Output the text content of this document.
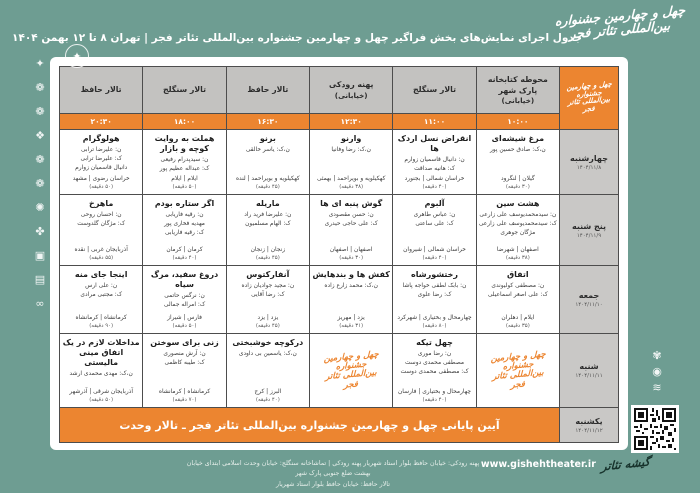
چهل و چهارمین جشنواره بین‌المللی تئاتر فجر
جدول اجرای نمایش‌های بخش فراگیر چهل و چهارمین جشنواره بین‌المللی تئاتر فجر | تهران ۸ تا ۱۲ بهمن ۱۴۰۴
✦
❁
❁
❖
❁
❁
✺
✤
▣
▤
∞
✦
چهل و چهارمین جشنواره بین‌المللی تئاتر فجر
محوطه کتابخانه پارک شهر
(خیابانی)
۱۰:۰۰
تالار سنگلج
۱۱:۰۰
پهنه رودکی
(خیابانی)
۱۲:۳۰
تالار حافظ
۱۶:۳۰
تالار سنگلج
۱۸:۰۰
تالار حافظ
۲۰:۳۰
چهارشنبه
۱۴۰۴/۱۱/۸
مرغ شیشه‌ای
ن،ک: صادق حسین پور
گیلان | لنگرود
(۳۰ دقیقه)
انقراض نسل اردک ها
ن: دانیال قاسمیان زوارم
ک: هانیه صداقت
خراسان شمالی | بجنورد
(۴۰ دقیقه)
وارنو
ن،ک: رضا وفانیا
کهکیلویه و بویراحمد | بهمئی
(۳۸ دقیقه)
برنو
ن،ک: یاسر خالقی
کهکیلویه و بویراحمد | لنده
(۴۵ دقیقه)
هملت به روایت کوچه و بازار
ن: سیدپدرام رفیعی
ک: عبداله عظیم پور
ایلام | ایلام
(۵۰ دقیقه)
هولوگرام
ن: علیرضا ترابی
ک: علیرضا ترابی
دانیال قاسمیان زوارم
خراسان رضوی | مشهد
(۵۰ دقیقه)
پنج شنبه
۱۴۰۴/۱۱/۹
هشت سین
ن: سیدمحمدیوسف علی زارعی
ک: سیدمحمدیوسف علی زارعی
مژگان جوهری
اصفهان | شهرضا
(۳۸ دقیقه)
آلبوم
ن: عباس طاهری
ک: علی ساعتی
خراسان شمالی | شیروان
(۴۰ دقیقه)
گوش پنبه ای ها
ن: حسن مقصودی
ک: علی حاجی حیدری
اصفهان | اصفهان
(۳۰ دقیقه)
ماریله
ن: علیرضا فرید راد
ک: الهام مسلمیون
زنجان | زنجان
(۴۵ دقیقه)
اگر ستاره بودم
ن: رقیه فاریابی
مهدیه فخاری پور
ک: رقیه فاریابی
کرمان | کرمان
(۴۰ دقیقه)
ماهرخ
ن: احسان روحی
ک: مژگان گلدوست
آذربایجان غربی | نقده
(۵۵ دقیقه)
جمعه
۱۴۰۴/۱۱/۱۰
اتفاق
ن: مصطفی کولیوندی
ک: علی اصغر اسماعیلی
ایلام | دهلران
(۳۵ دقیقه)
رختشورشاه
ن: بابک لطفی خواجه پاشا
ک: رضا علوی
چهارمحال و بختیاری | شهرکرد
(۸۰ دقیقه)
کفش ها و بندهایش
ن،ک: محمد زارع زاده
یزد | مهریز
(۳۱ دقیقه)
آنفارکتوس
ن: مجید جوادیان زاده
ک: رضا آقایی
یزد | یزد
(۴۵ دقیقه)
دروغ سفید، مرگ سیاه
ن: نرگس حاتمی
ک: امراله جمالی
فارس | شیراز
(۵۰ دقیقه)
اینجا جای منه
ن: علی ارس
ک: مجتبی مرادی
کرمانشاه | کرمانشاه
(۹۰ دقیقه)
شنبه
۱۴۰۴/۱۱/۱۱
چهل و چهارمین جشنواره بین‌المللی تئاتر فجر
چهل تیکه
ن: رضا موری
مصطفی محمدی دوست
ک: مصطفی محمدی دوست
چهارمحال و بختیاری | فارسان
(۴۰ دقیقه)
چهل و چهارمین جشنواره بین‌المللی تئاتر فجر
درکوچه خوشبختی
ن،ک: یاسمین بی داودی
البرز | کرج
(۴۰ دقیقه)
زنی برای سوختن
ن: آرش منصوری
ک: طیبه کاظمی
کرمانشاه | کرمانشاه
(۷۰ دقیقه)
مداخلات لازم در یک اتفاق مینی مالیستی
ن،ک: مهدی محمدی ارشد
آذربایجان شرقی | آذرشهر
(۵۰ دقیقه)
یکشنبه
۱۴۰۴/۱۱/۱۲
آیین پایانی چهل و چهارمین جشنواره بین‌المللی تئاتر فجر ـ تالار وحدت
✾
◉
≋
پهنه رودکی: خیابان حافظ بلوار استاد شهریار پهنه رودکی | تماشاخانه سنگلج: خیابان وحدت اسلامی ابتدای خیابان بهشت ضلع جنوبی پارک شهر
تالار حافظ: خیابان حافظ بلوار استاد شهریار
گیشه تئاتر
www.gishehtheater.ir
